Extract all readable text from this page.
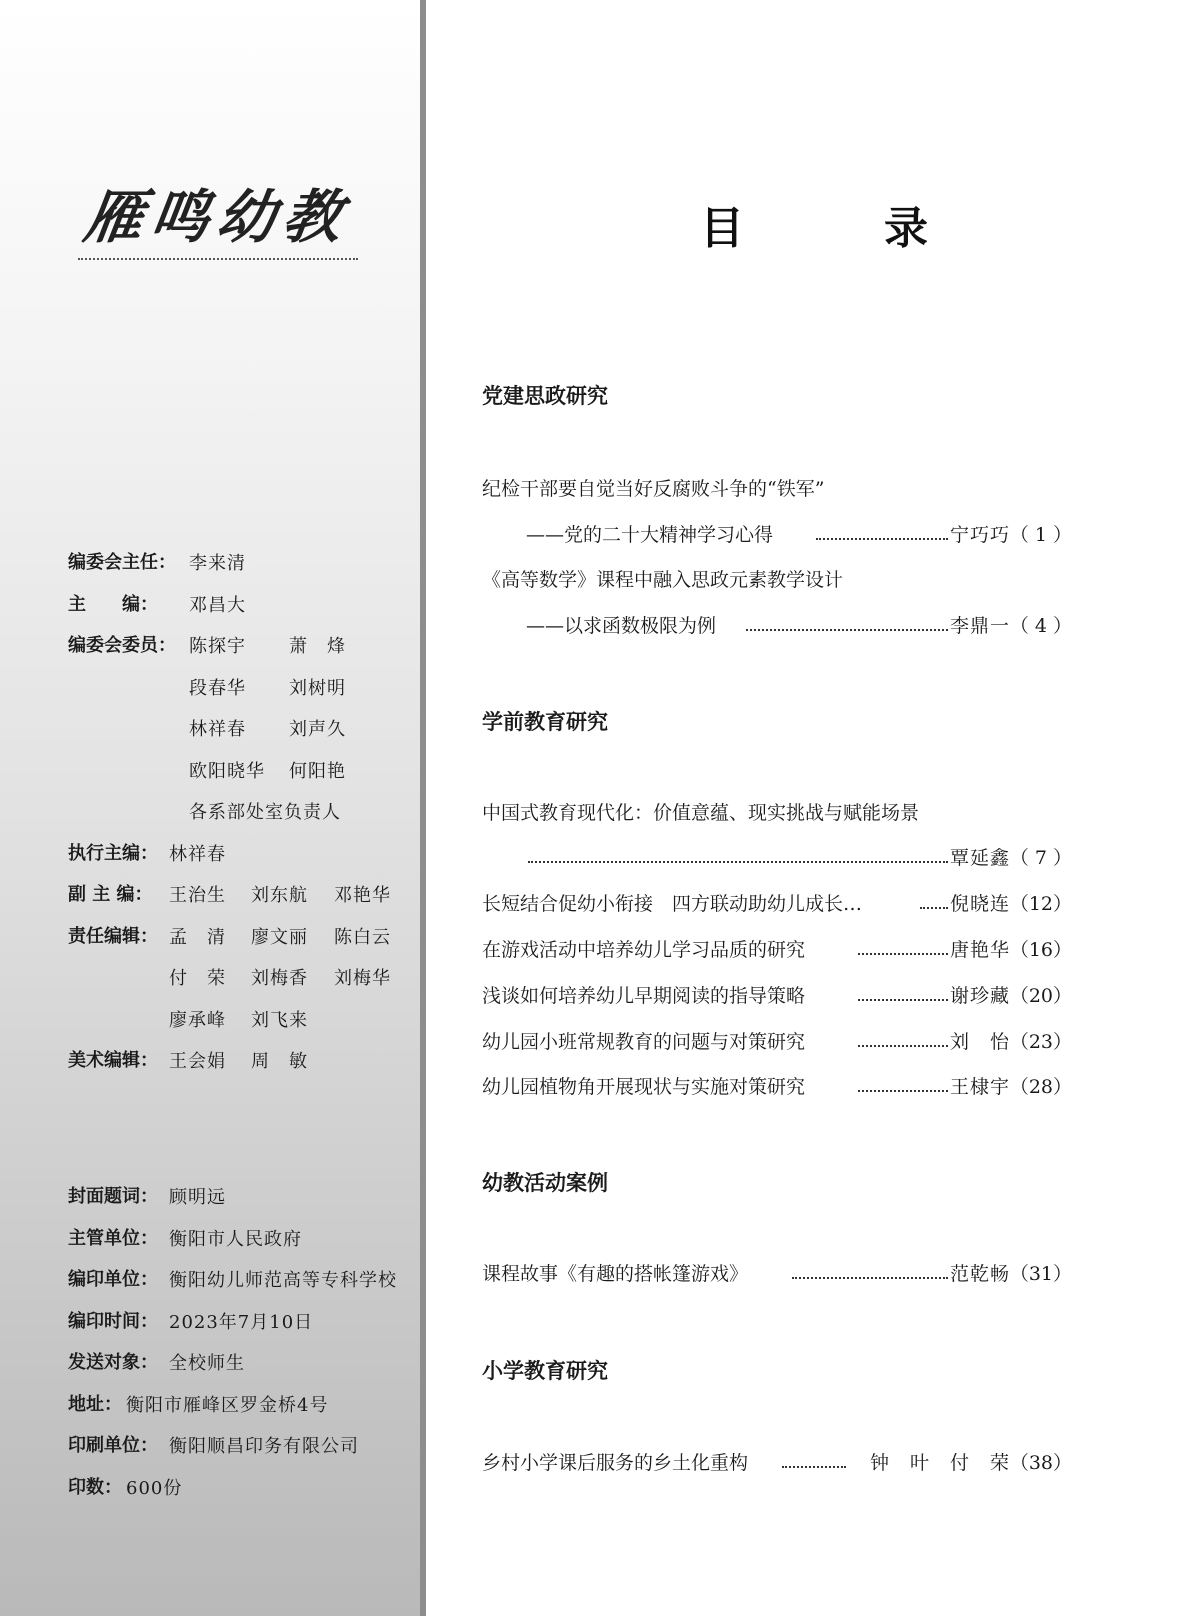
雁鸣幼教
编委会主任： 李来清
主　　编： 邓昌大
编委会委员： 陈探宇 萧　烽
段春华 刘树明
林祥春 刘声久
欧阳晓华 何阳艳
各系部处室负责人
执行主编： 林祥春
副 主 编： 王治生 刘东航 邓艳华
责任编辑： 孟　清 廖文丽 陈白云
付　荣 刘梅香 刘梅华
廖承峰 刘飞来
美术编辑： 王会娟 周　敏
封面题词： 顾明远
主管单位： 衡阳市人民政府
编印单位： 衡阳幼儿师范高等专科学校
编印时间： 2023年7月10日
发送对象： 全校师生
地址： 衡阳市雁峰区罗金桥4号
印刷单位： 衡阳顺昌印务有限公司
印数： 600份
目　录
党建思政研究
纪检干部要自觉当好反腐败斗争的“铁军”
——党的二十大精神学习心得	宁巧巧 （ 1 ）
《高等数学》课程中融入思政元素教学设计
——以求函数极限为例	李鼎一 （ 4 ）
学前教育研究
中国式教育现代化：价值意蕴、现实挑战与赋能场景
覃延鑫 （ 7 ）
长短结合促幼小衔接　四方联动助幼儿成长…	倪晓连 （12）
在游戏活动中培养幼儿学习品质的研究	唐艳华 （16）
浅谈如何培养幼儿早期阅读的指导策略	谢珍藏 （20）
幼儿园小班常规教育的问题与对策研究	刘　怡 （23）
幼儿园植物角开展现状与实施对策研究	王棣宇 （28）
幼教活动案例
课程故事《有趣的搭帐篷游戏》	范乾畅 （31）
小学教育研究
乡村小学课后服务的乡土化重构	钟　叶　付　荣 （38）
